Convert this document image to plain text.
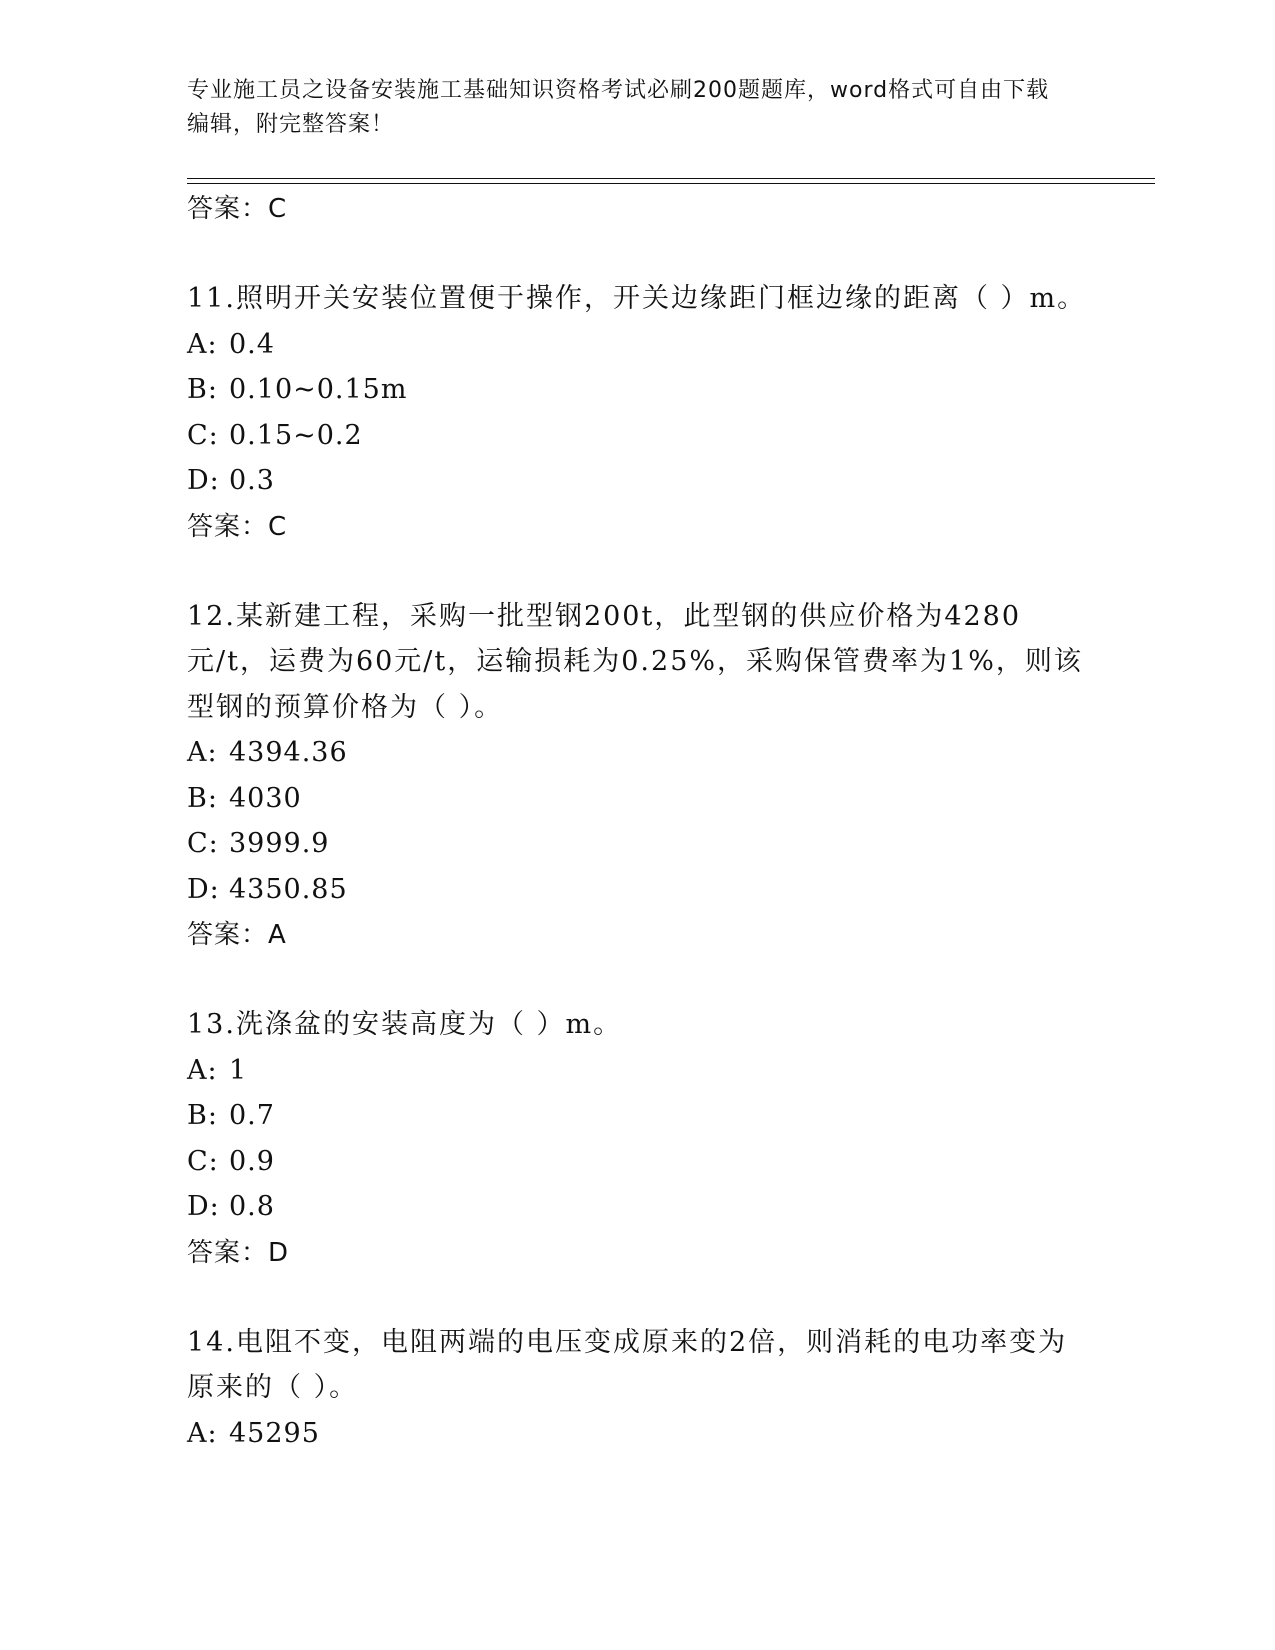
专业施工员之设备安装施工基础知识资格考试必刷200题题库，word格式可自由下载编辑，附完整答案！
答案：C
11.照明开关安装位置便于操作，开关边缘距门框边缘的距离（ ）m。
A: 0.4
B: 0.10~0.15m
C: 0.15~0.2
D: 0.3
答案：C
12.某新建工程，采购一批型钢200t，此型钢的供应价格为4280元/t，运费为60元/t，运输损耗为0.25%，采购保管费率为1%，则该型钢的预算价格为（ ）。
A: 4394.36
B: 4030
C: 3999.9
D: 4350.85
答案：A
13.洗涤盆的安装高度为（ ）m。
A: 1
B: 0.7
C: 0.9
D: 0.8
答案：D
14.电阻不变，电阻两端的电压变成原来的2倍，则消耗的电功率变为原来的（ ）。
A: 45295
